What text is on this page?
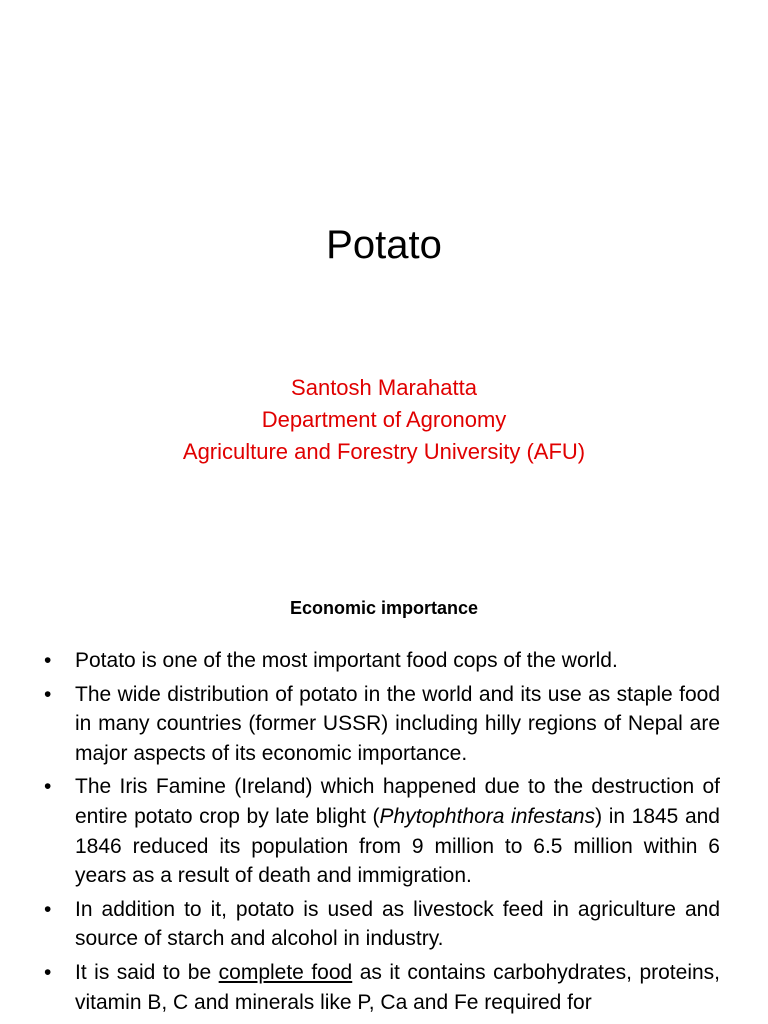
Potato
Santosh Marahatta
Department of Agronomy
Agriculture and Forestry University (AFU)
Economic importance
•	Potato is one of the most important food cops of the world.
•	The wide distribution of potato in the world and its use as staple food in many countries (former USSR) including hilly regions of Nepal are major aspects of its economic importance.
•	The Iris Famine (Ireland) which happened due to the destruction of entire potato crop by late blight (Phytophthora infestans) in 1845 and 1846 reduced its population from 9 million to 6.5 million within 6 years as a result of death and immigration.
•	In addition to it, potato is used as livestock feed in agriculture and source of starch and alcohol in industry.
•	It is said to be complete food as it contains carbohydrates, proteins, vitamin B, C and minerals like P, Ca and Fe required for
